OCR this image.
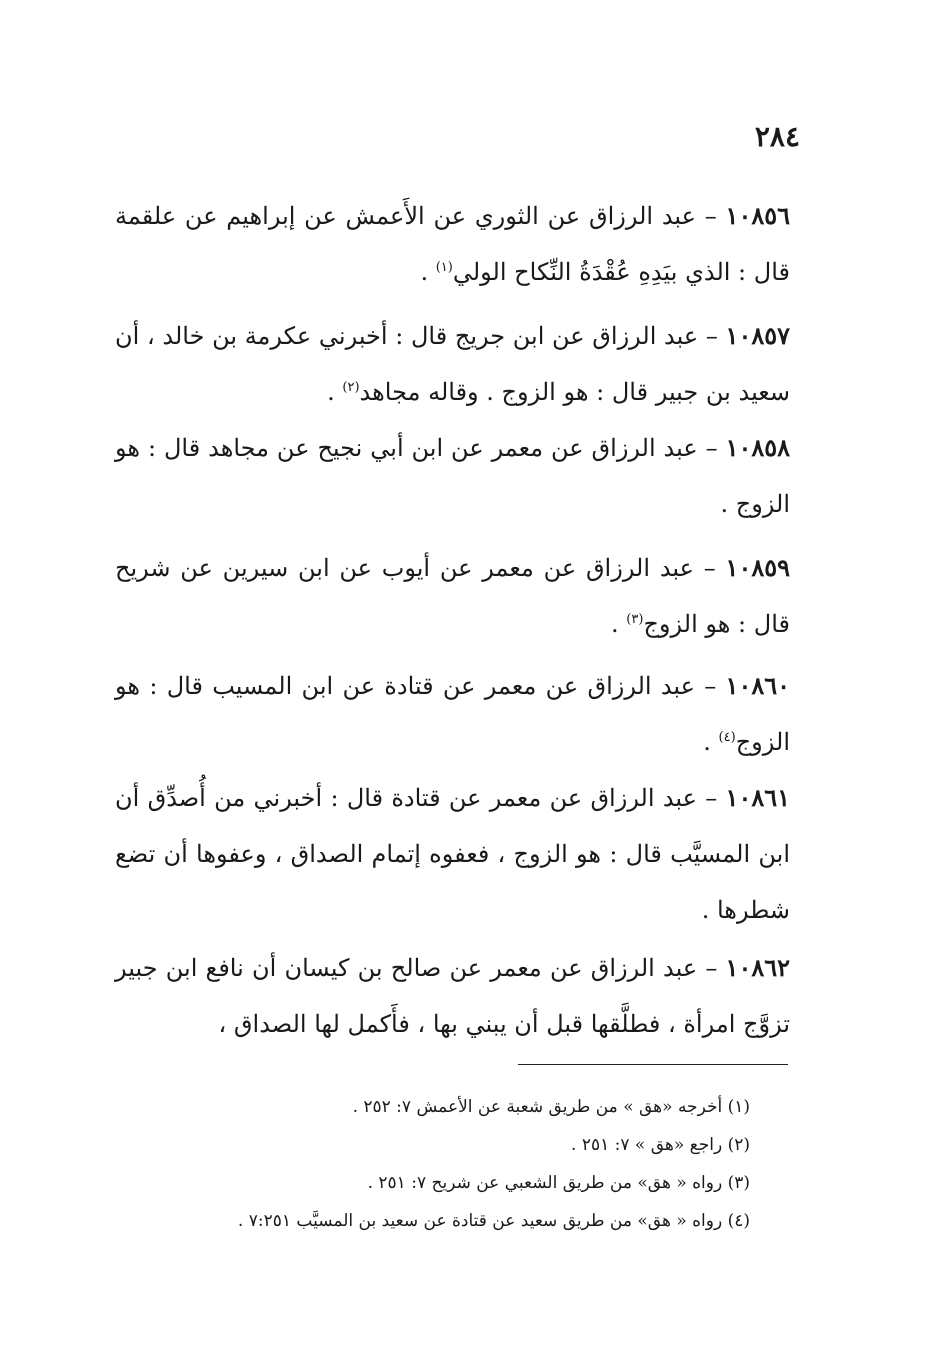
٢٨٤

١٠٨٥٦ – عبد الرزاق عن الثوري عن الأَعمش عن إبراهيم عن علقمة قال : الذي بيَدِهِ عُقْدَةُ النِّكاح الولي$^{(١)}$ .

١٠٨٥٧ – عبد الرزاق عن ابن جريج قال : أخبرني عكرمة بن خالد ، أن سعيد بن جبير قال : هو الزوج . وقاله مجاهد$^{(٢)}$ .

١٠٨٥٨ – عبد الرزاق عن معمر عن ابن أبي نجيح عن مجاهد قال : هو الزوج .

١٠٨٥٩ – عبد الرزاق عن معمر عن أيوب عن ابن سيرين عن شريح قال : هو الزوج$^{(٣)}$ .

١٠٨٦٠ – عبد الرزاق عن معمر عن قتادة عن ابن المسيب قال : هو الزوج$^{(٤)}$ .

١٠٨٦١ – عبد الرزاق عن معمر عن قتادة قال : أخبرني من أُصدِّق أن ابن المسيَّب قال : هو الزوج ، فعفوه إتمام الصداق ، وعفوها أن تضع شطرها .

١٠٨٦٢ – عبد الرزاق عن معمر عن صالح بن كيسان أن نافع ابن جبير تزوَّج امرأة ، فطلَّقها قبل أن يبني بها ، فأَكمل لها الصداق ،

(١) أخرجه «هق » من طريق شعبة عن الأعمش ٧: ٢٥٢ .
(٢) راجع «هق » ٧: ٢٥١ .
(٣) رواه « هق» من طريق الشعبي عن شريح ٧: ٢٥١ .
(٤) رواه « هق» من طريق سعيد عن قتادة عن سعيد بن المسيَّب ٧:٢٥١ .
